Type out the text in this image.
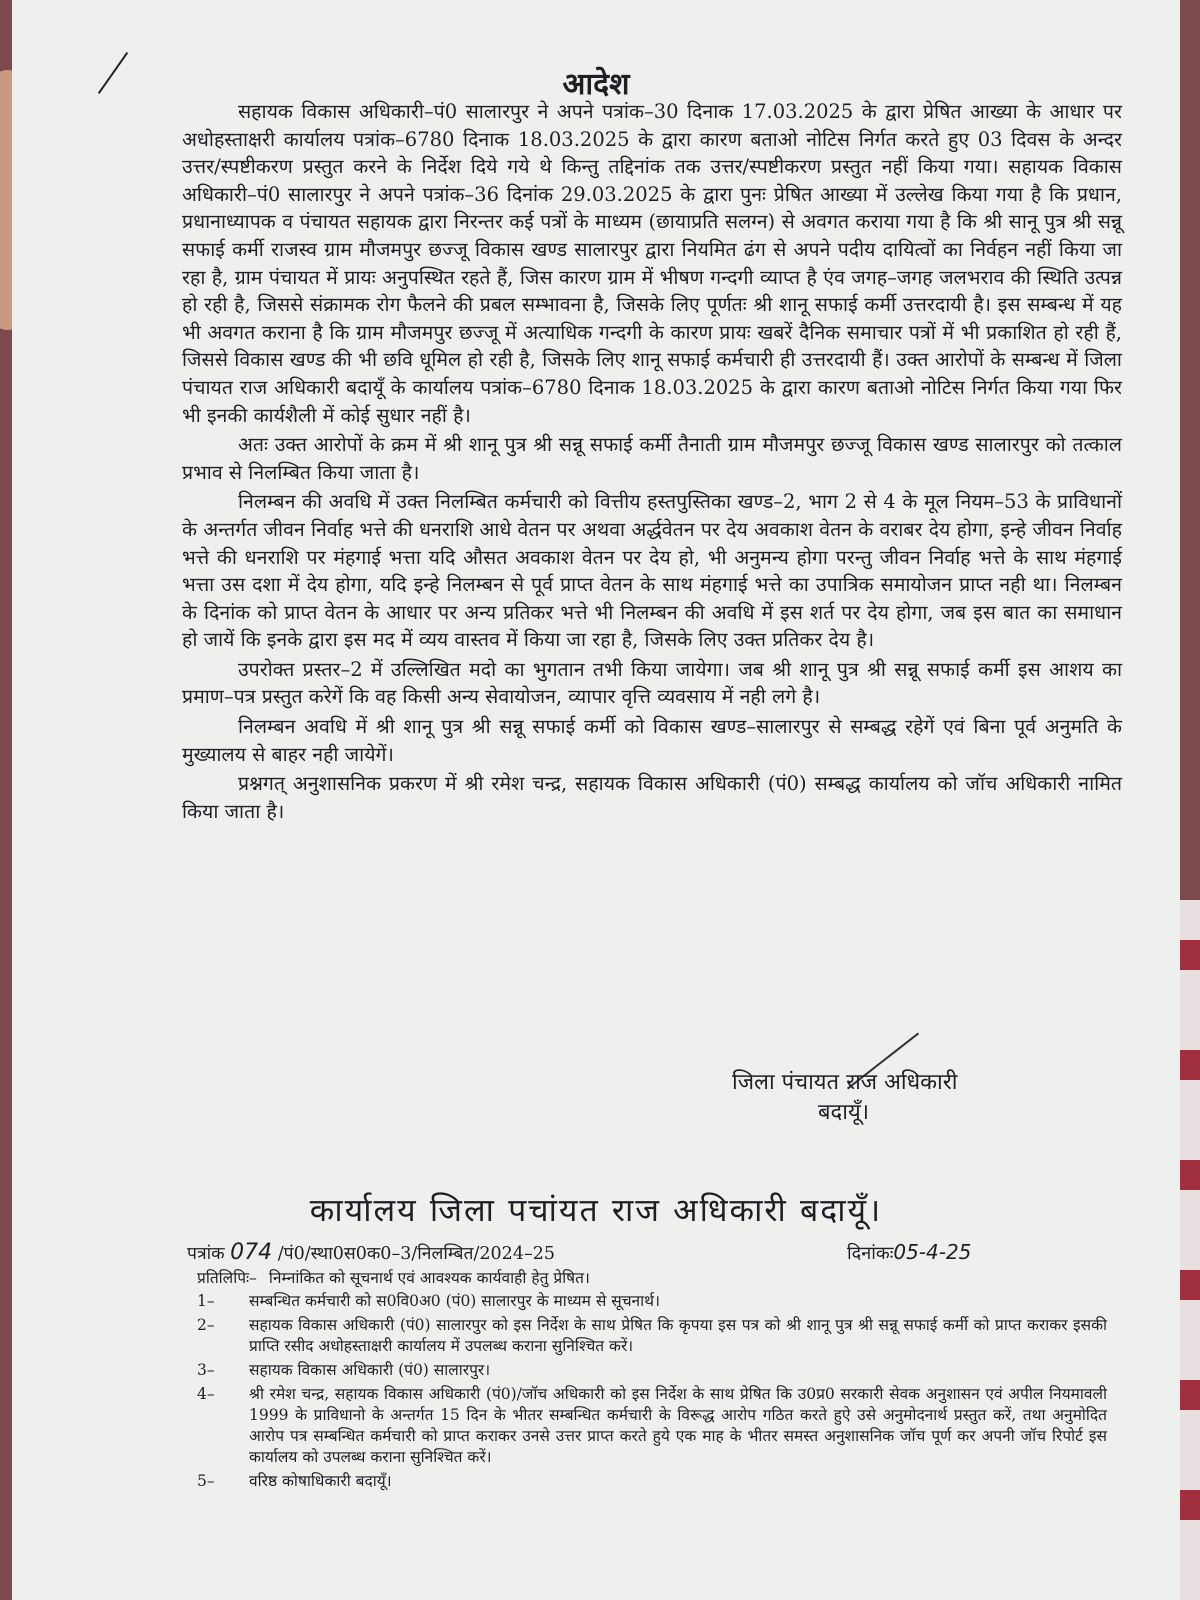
आदेश

सहायक विकास अधिकारी–पं0 सालारपुर ने अपने पत्रांक–30 दिनाक 17.03.2025 के द्वारा प्रेषित आख्या के आधार पर अधोहस्ताक्षरी कार्यालय पत्रांक–6780 दिनाक 18.03.2025 के द्वारा कारण बताओ नोटिस निर्गत करते हुए 03 दिवस के अन्दर उत्तर/स्पष्टीकरण प्रस्तुत करने के निर्देश दिये गये थे किन्तु तद्दिनांक तक उत्तर/स्पष्टीकरण प्रस्तुत नहीं किया गया। सहायक विकास अधिकारी–पं0 सालारपुर ने अपने पत्रांक–36 दिनांक 29.03.2025 के द्वारा पुनः प्रेषित आख्या में उल्लेख किया गया है कि प्रधान, प्रधानाध्यापक व पंचायत सहायक द्वारा निरन्तर कई पत्रों के माध्यम (छायाप्रति सलग्न) से अवगत कराया गया है कि श्री सानू पुत्र श्री सन्नू सफाई कर्मी राजस्व ग्राम मौजमपुर छज्जू विकास खण्ड सालारपुर द्वारा नियमित ढंग से अपने पदीय दायित्वों का निर्वहन नहीं किया जा रहा है, ग्राम पंचायत में प्रायः अनुपस्थित रहते हैं, जिस कारण ग्राम में भीषण गन्दगी व्याप्त है एंव जगह–जगह जलभराव की स्थिति उत्पन्न हो रही है, जिससे संक्रामक रोग फैलने की प्रबल सम्भावना है, जिसके लिए पूर्णतः श्री शानू सफाई कर्मी उत्तरदायी है। इस सम्बन्ध में यह भी अवगत कराना है कि ग्राम मौजमपुर छज्जू में अत्याधिक गन्दगी के कारण प्रायः खबरें दैनिक समाचार पत्रों में भी प्रकाशित हो रही हैं, जिससे विकास खण्ड की भी छवि धूमिल हो रही है, जिसके लिए शानू सफाई कर्मचारी ही उत्तरदायी हैं। उक्त आरोपों के सम्बन्ध में जिला पंचायत राज अधिकारी बदायूँ के कार्यालय पत्रांक–6780 दिनाक 18.03.2025 के द्वारा कारण बताओ नोटिस निर्गत किया गया फिर भी इनकी कार्यशैली में कोई सुधार नहीं है।

अतः उक्त आरोपों के क्रम में श्री शानू पुत्र श्री सन्नू सफाई कर्मी तैनाती ग्राम मौजमपुर छज्जू विकास खण्ड सालारपुर को तत्काल प्रभाव से निलम्बित किया जाता है।

निलम्बन की अवधि में उक्त निलम्बित कर्मचारी को वित्तीय हस्तपुस्तिका खण्ड–2, भाग 2 से 4 के मूल नियम–53 के प्राविधानों के अन्तर्गत जीवन निर्वाह भत्ते की धनराशि आधे वेतन पर अथवा अर्द्धवेतन पर देय अवकाश वेतन के वराबर देय होगा, इन्हे जीवन निर्वाह भत्ते की धनराशि पर मंहगाई भत्ता यदि औसत अवकाश वेतन पर देय हो, भी अनुमन्य होगा परन्तु जीवन निर्वाह भत्ते के साथ मंहगाई भत्ता उस दशा में देय होगा, यदि इन्हे निलम्बन से पूर्व प्राप्त वेतन के साथ मंहगाई भत्ते का उपात्रिक समायोजन प्राप्त नही था। निलम्बन के दिनांक को प्राप्त वेतन के आधार पर अन्य प्रतिकर भत्ते भी निलम्बन की अवधि में इस शर्त पर देय होगा, जब इस बात का समाधान हो जायें कि इनके द्वारा इस मद में व्यय वास्तव में किया जा रहा है, जिसके लिए उक्त प्रतिकर देय है।

उपरोक्त प्रस्तर–2 में उल्लिखित मदो का भुगतान तभी किया जायेगा। जब श्री शानू पुत्र श्री सन्नू सफाई कर्मी इस आशय का प्रमाण–पत्र प्रस्तुत करेगें कि वह किसी अन्य सेवायोजन, व्यापार वृत्ति व्यवसाय में नही लगे है।

निलम्बन अवधि में श्री शानू पुत्र श्री सन्नू सफाई कर्मी को विकास खण्ड–सालारपुर से सम्बद्ध रहेगें एवं बिना पूर्व अनुमति के मुख्यालय से बाहर नही जायेगें।

प्रश्नगत् अनुशासनिक प्रकरण में श्री रमेश चन्द्र, सहायक विकास अधिकारी (पं0) सम्बद्ध कार्यालय को जॉच अधिकारी नामित किया जाता है।

जिला पंचायत राज अधिकारी
बदायूँ।
कार्यालय जिला पचांयत राज अधिकारी बदायूँ।
पत्रांक 074 /पं0/स्था0स0क0–3/निलम्बित/2024–25	दिनांकः05-4-25
प्रतिलिपिः– निम्नांकित को सूचनार्थ एवं आवश्यक कार्यवाही हेतु प्रेषित।
1–	सम्बन्धित कर्मचारी को स0वि0अ0 (पं0) सालारपुर के माध्यम से सूचनार्थ।
2–	सहायक विकास अधिकारी (पं0) सालारपुर को इस निर्देश के साथ प्रेषित कि कृपया इस पत्र को श्री शानू पुत्र श्री सन्नू सफाई कर्मी को प्राप्त कराकर इसकी प्राप्ति रसीद अधोहस्ताक्षरी कार्यालय में उपलब्ध कराना सुनिश्चित करें।
3–	सहायक विकास अधिकारी (पं0) सालारपुर।
4–	श्री रमेश चन्द्र, सहायक विकास अधिकारी (पं0)/जॉच अधिकारी को इस निर्देश के साथ प्रेषित कि उ0प्र0 सरकारी सेवक अनुशासन एवं अपील नियमावली 1999 के प्राविधानो के अन्तर्गत 15 दिन के भीतर सम्बन्धित कर्मचारी के विरूद्ध आरोप गठित करते हुऐ उसे अनुमोदनार्थ प्रस्तुत करें, तथा अनुमोदित आरोप पत्र सम्बन्धित कर्मचारी को प्राप्त कराकर उनसे उत्तर प्राप्त करते हुये एक माह के भीतर समस्त अनुशासनिक जॉच पूर्ण कर अपनी जॉच रिपोर्ट इस कार्यालय को उपलब्ध कराना सुनिश्चित करें।
5–	वरिष्ठ कोषाधिकारी बदायूँ।
